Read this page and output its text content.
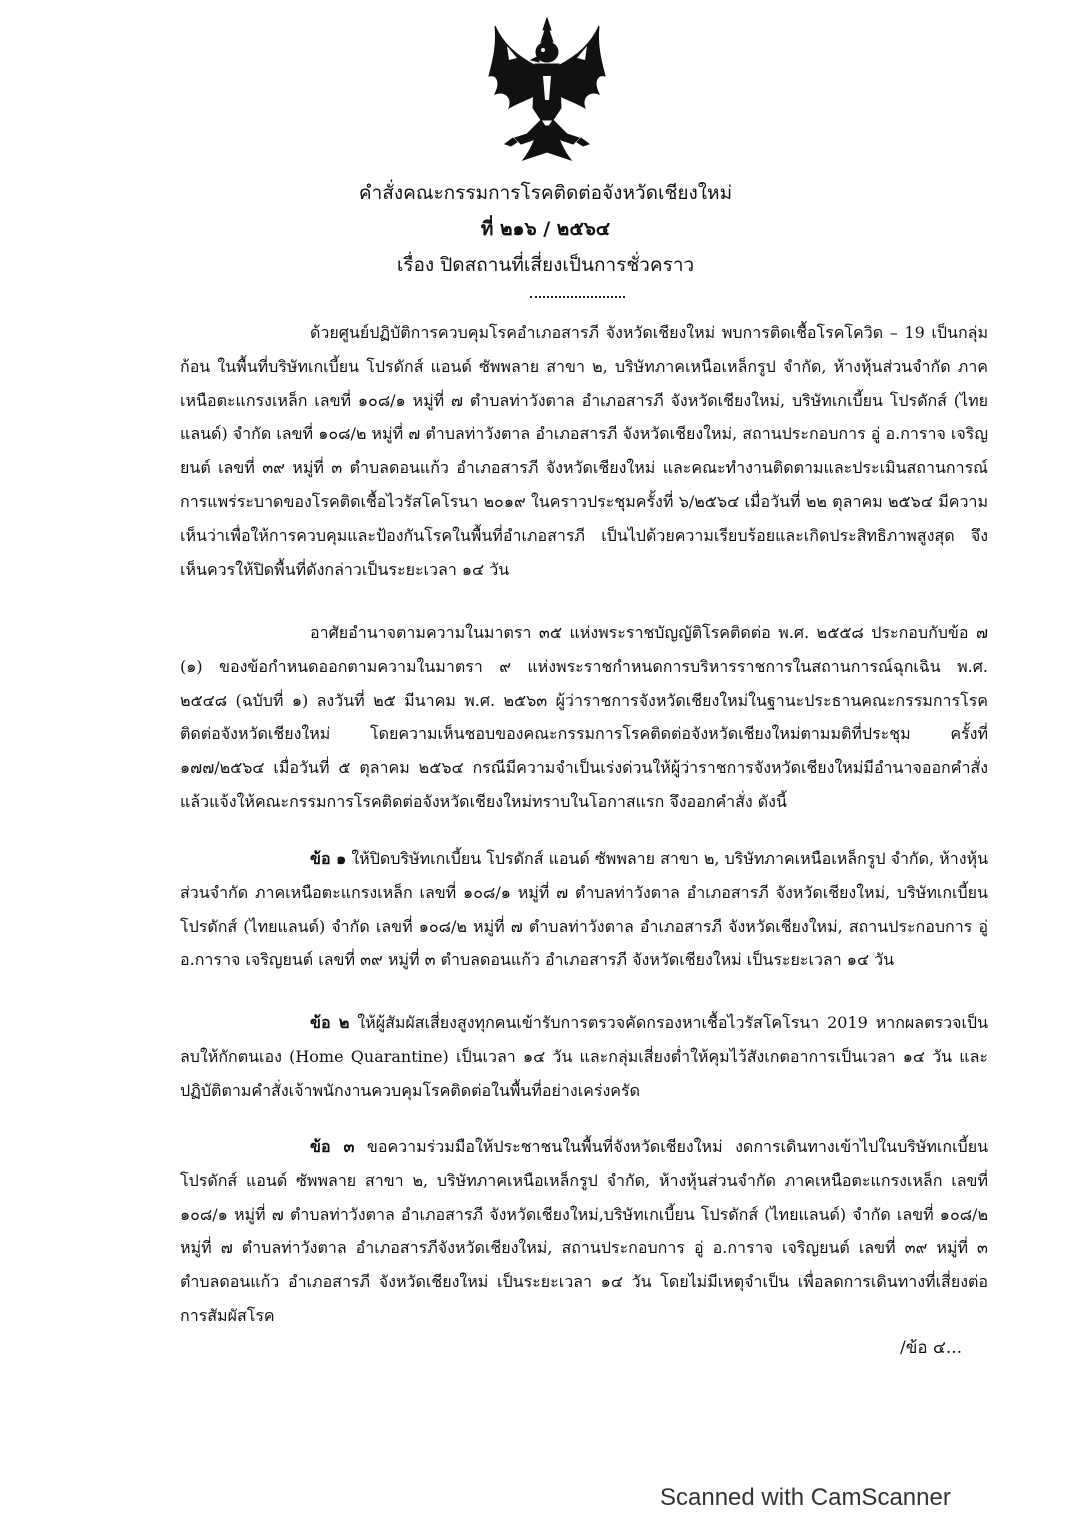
คำสั่งคณะกรรมการโรคติดต่อจังหวัดเชียงใหม่
ที่ ๒๑๖ / ๒๕๖๔
เรื่อง ปิดสถานที่เสี่ยงเป็นการชั่วคราว

ด้วยศูนย์ปฏิบัติการควบคุมโรคอำเภอสารภี จังหวัดเชียงใหม่ พบการติดเชื้อโรคโควิด – 19 เป็นกลุ่มก้อน ในพื้นที่บริษัทเกเบี้ยน โปรดักส์ แอนด์ ซัพพลาย สาขา ๒, บริษัทภาคเหนือเหล็กรูป จำกัด, ห้างหุ้นส่วนจำกัด ภาคเหนือตะแกรงเหล็ก เลขที่ ๑๐๘/๑ หมู่ที่ ๗ ตำบลท่าวังตาล อำเภอสารภี จังหวัดเชียงใหม่, บริษัทเกเบี้ยน โปรดักส์ (ไทยแลนด์) จำกัด เลขที่ ๑๐๘/๒ หมู่ที่ ๗ ตำบลท่าวังตาล อำเภอสารภี จังหวัดเชียงใหม่, สถานประกอบการ อู่ อ.การาจ เจริญยนต์ เลขที่ ๓๙ หมู่ที่ ๓ ตำบลดอนแก้ว อำเภอสารภี จังหวัดเชียงใหม่ และคณะทำงานติดตามและประเมินสถานการณ์การแพร่ระบาดของโรคติดเชื้อไวรัสโคโรนา ๒๐๑๙ ในคราวประชุมครั้งที่ ๖/๒๕๖๔ เมื่อวันที่ ๒๒ ตุลาคม ๒๕๖๔ มีความเห็นว่าเพื่อให้การควบคุมและป้องกันโรคในพื้นที่อำเภอสารภี เป็นไปด้วยความเรียบร้อยและเกิดประสิทธิภาพสูงสุด จึงเห็นควรให้ปิดพื้นที่ดังกล่าวเป็นระยะเวลา ๑๔ วัน

อาศัยอำนาจตามความในมาตรา ๓๕ แห่งพระราชบัญญัติโรคติดต่อ พ.ศ. ๒๕๕๘ ประกอบกับข้อ ๗ (๑) ของข้อกำหนดออกตามความในมาตรา ๙ แห่งพระราชกำหนดการบริหารราชการในสถานการณ์ฉุกเฉิน พ.ศ. ๒๕๔๘ (ฉบับที่ ๑) ลงวันที่ ๒๕ มีนาคม พ.ศ. ๒๕๖๓ ผู้ว่าราชการจังหวัดเชียงใหม่ในฐานะประธานคณะกรรมการโรคติดต่อจังหวัดเชียงใหม่ โดยความเห็นชอบของคณะกรรมการโรคติดต่อจังหวัดเชียงใหม่ตามมติที่ประชุม ครั้งที่ ๑๗๗/๒๕๖๔ เมื่อวันที่ ๕ ตุลาคม ๒๕๖๔ กรณีมีความจำเป็นเร่งด่วนให้ผู้ว่าราชการจังหวัดเชียงใหม่มีอำนาจออกคำสั่ง แล้วแจ้งให้คณะกรรมการโรคติดต่อจังหวัดเชียงใหม่ทราบในโอกาสแรก จึงออกคำสั่ง ดังนี้

ข้อ ๑ ให้ปิดบริษัทเกเบี้ยน โปรดักส์ แอนด์ ซัพพลาย สาขา ๒, บริษัทภาคเหนือเหล็กรูป จำกัด, ห้างหุ้นส่วนจำกัด ภาคเหนือตะแกรงเหล็ก เลขที่ ๑๐๘/๑ หมู่ที่ ๗ ตำบลท่าวังตาล อำเภอสารภี จังหวัดเชียงใหม่, บริษัทเกเบี้ยน โปรดักส์ (ไทยแลนด์) จำกัด เลขที่ ๑๐๘/๒ หมู่ที่ ๗ ตำบลท่าวังตาล อำเภอสารภี จังหวัดเชียงใหม่, สถานประกอบการ อู่ อ.การาจ เจริญยนต์ เลขที่ ๓๙ หมู่ที่ ๓ ตำบลดอนแก้ว อำเภอสารภี จังหวัดเชียงใหม่ เป็นระยะเวลา ๑๔ วัน

ข้อ ๒ ให้ผู้สัมผัสเสี่ยงสูงทุกคนเข้ารับการตรวจคัดกรองหาเชื้อไวรัสโคโรนา 2019 หากผลตรวจเป็นลบให้กักตนเอง (Home Quarantine) เป็นเวลา ๑๔ วัน และกลุ่มเสี่ยงต่ำให้คุมไว้สังเกตอาการเป็นเวลา ๑๔ วัน และปฏิบัติตามคำสั่งเจ้าพนักงานควบคุมโรคติดต่อในพื้นที่อย่างเคร่งครัด

ข้อ ๓ ขอความร่วมมือให้ประชาชนในพื้นที่จังหวัดเชียงใหม่ งดการเดินทางเข้าไปในบริษัทเกเบี้ยน โปรดักส์ แอนด์ ซัพพลาย สาขา ๒, บริษัทภาคเหนือเหล็กรูป จำกัด, ห้างหุ้นส่วนจำกัด ภาคเหนือตะแกรงเหล็ก เลขที่ ๑๐๘/๑ หมู่ที่ ๗ ตำบลท่าวังตาล อำเภอสารภี จังหวัดเชียงใหม่,บริษัทเกเบี้ยน โปรดักส์ (ไทยแลนด์) จำกัด เลขที่ ๑๐๘/๒ หมู่ที่ ๗ ตำบลท่าวังตาล อำเภอสารภีจังหวัดเชียงใหม่, สถานประกอบการ อู่ อ.การาจ เจริญยนต์ เลขที่ ๓๙ หมู่ที่ ๓ ตำบลดอนแก้ว อำเภอสารภี จังหวัดเชียงใหม่ เป็นระยะเวลา ๑๔ วัน โดยไม่มีเหตุจำเป็น เพื่อลดการเดินทางที่เสี่ยงต่อการสัมผัสโรค

/ข้อ ๔...
Scanned with CamScanner
